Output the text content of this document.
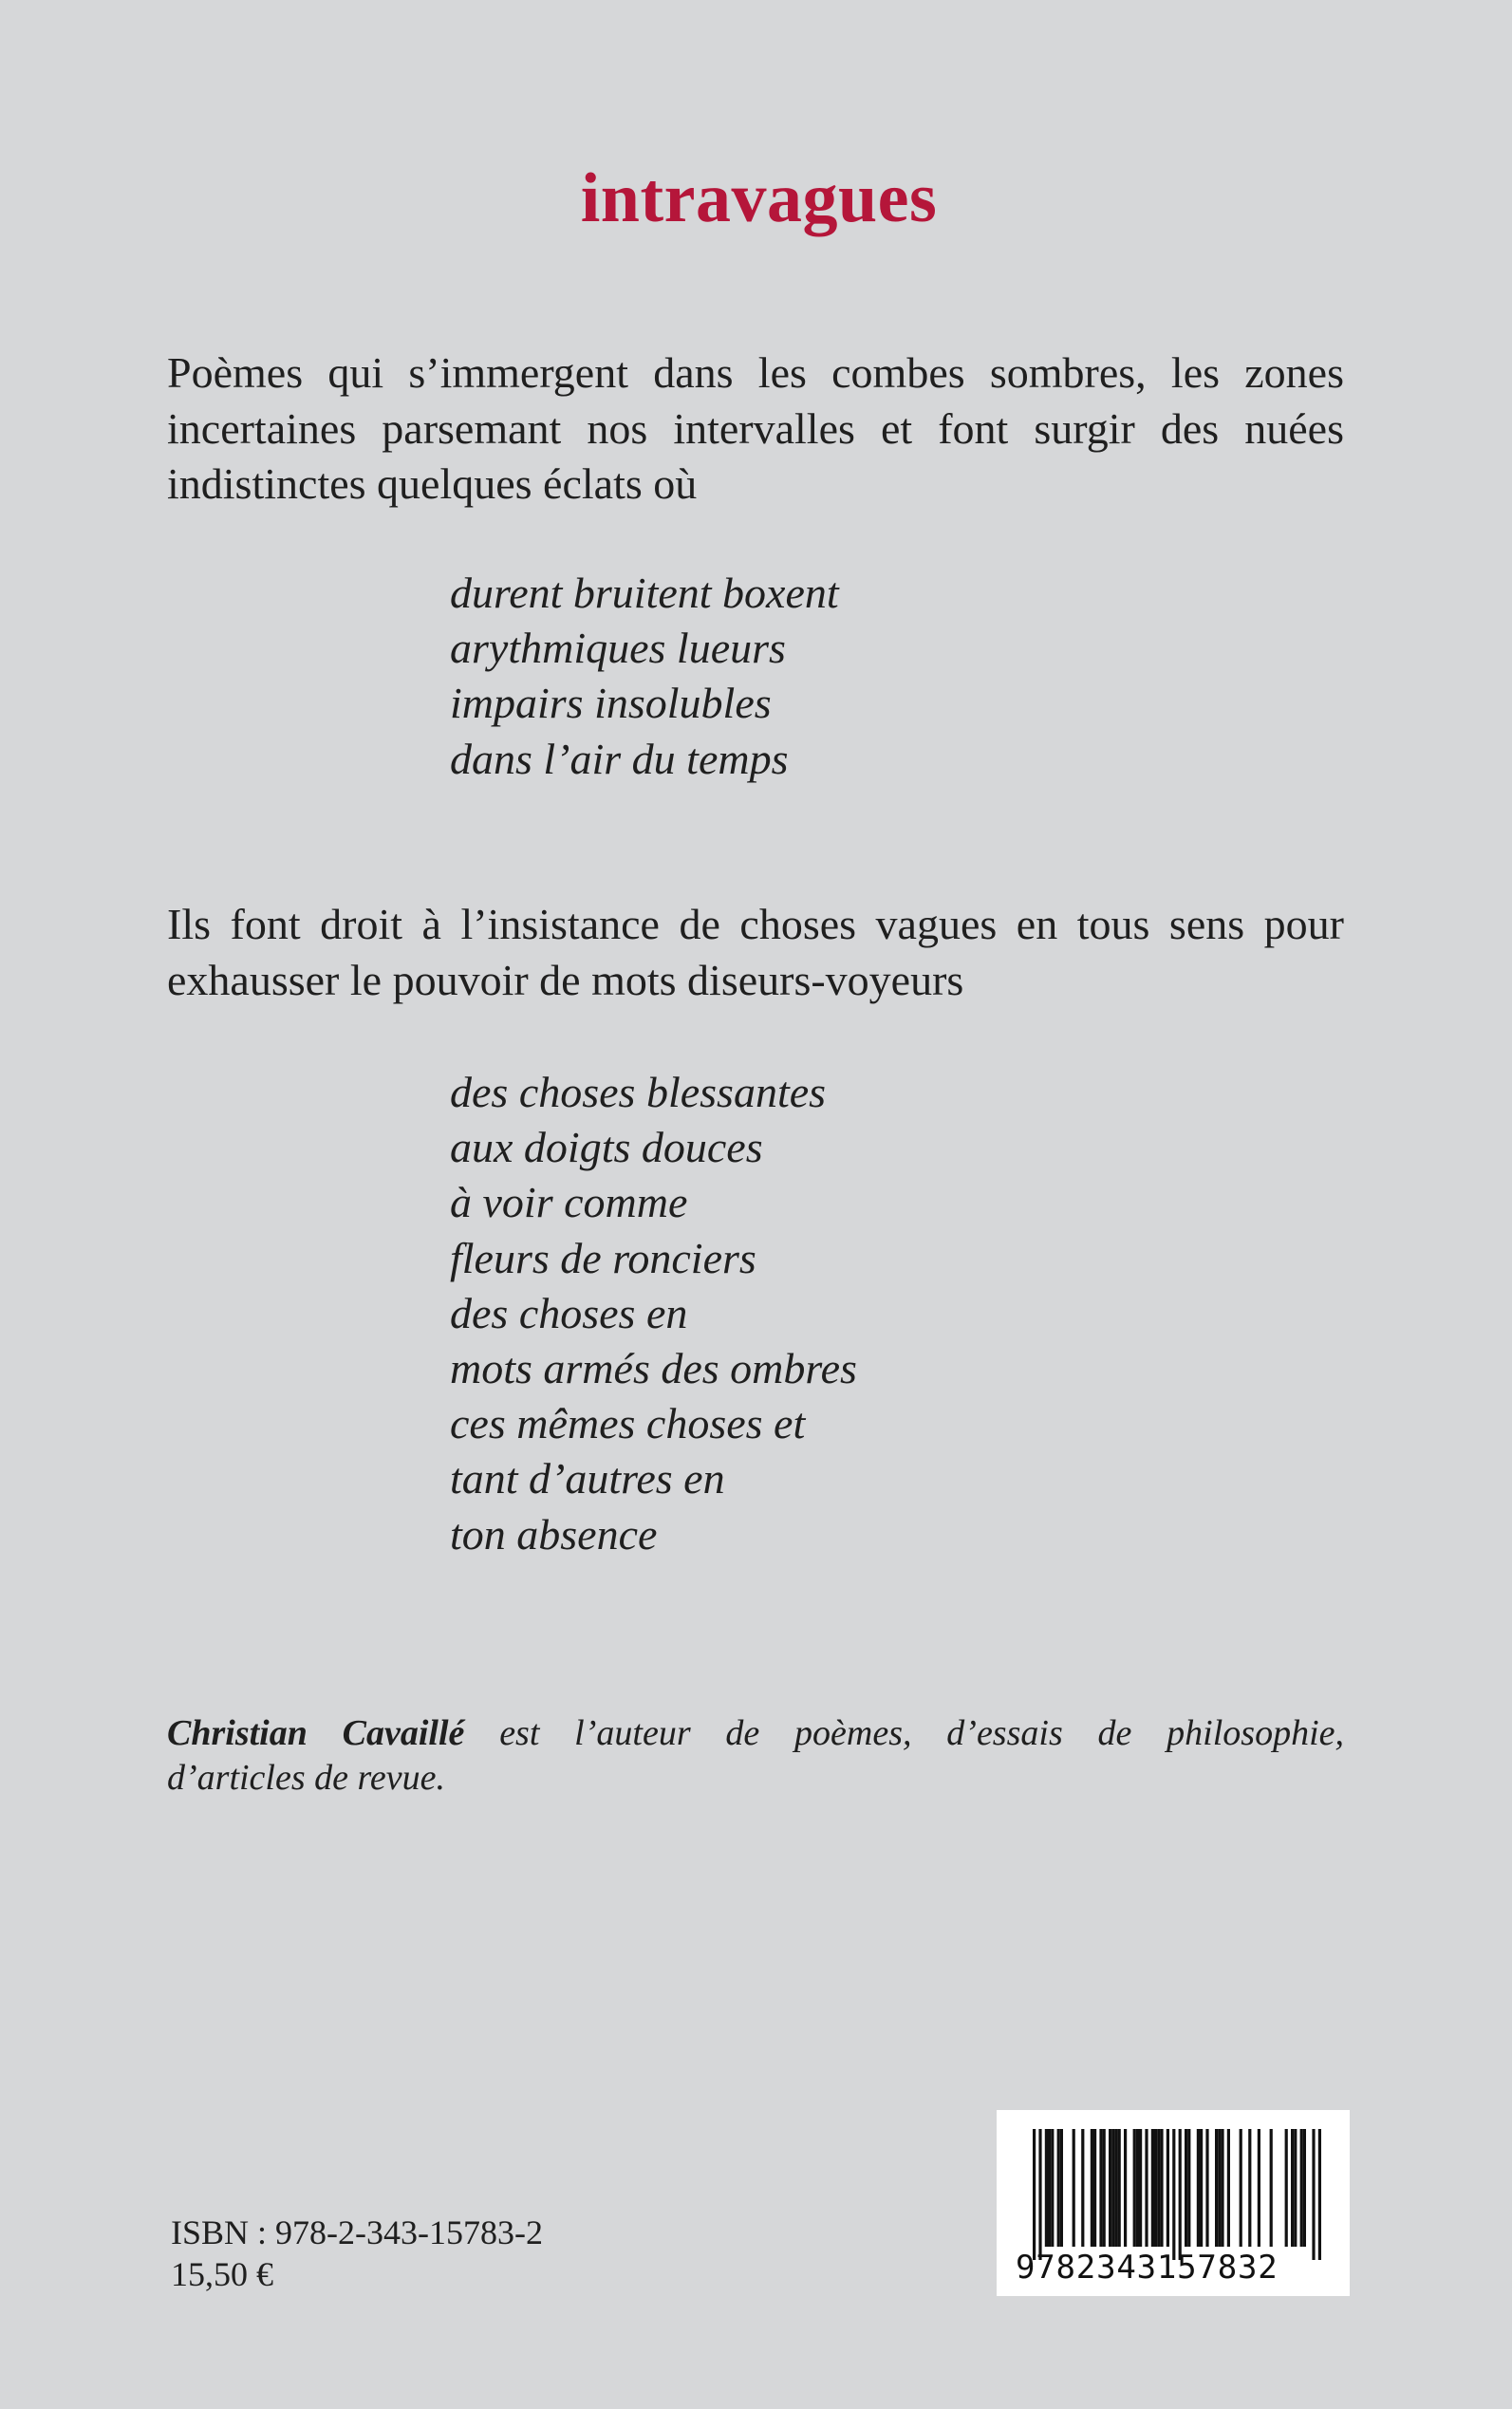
intravagues
Poèmes qui s’immergent dans les combes sombres, les zones
incertaines parsemant nos intervalles et font surgir des nuées
indistinctes quelques éclats où
durent bruitent boxent
arythmiques lueurs
impairs insolubles
dans l’air du temps
Ils font droit à l’insistance de choses vagues en tous sens pour
exhausser le pouvoir de mots diseurs-voyeurs
des choses blessantes
aux doigts douces
à voir comme
fleurs de ronciers
des choses en
mots armés des ombres
ces mêmes choses et
tant d’autres en
ton absence
Christian Cavaillé est l’auteur de poèmes, d’essais de philosophie,
d’articles de revue.
ISBN : 978-2-343-15783-2
15,50 €	9782343157832
